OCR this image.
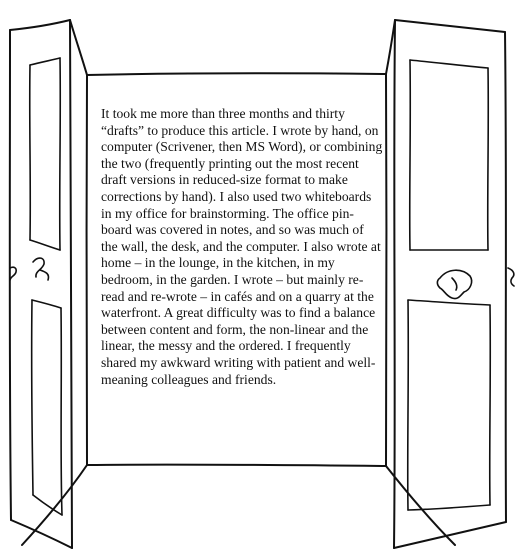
It took me more than three months and thirty “drafts” to produce this article. I wrote by hand, on computer (Scrivener, then MS Word), or combining the two (frequently printing out the most recent draft versions in reduced-size format to make corrections by hand). I also used two whiteboards in my office for brainstorming. The office pin-board was covered in notes, and so was much of the wall, the desk, and the computer. I also wrote at home – in the lounge, in the kitchen, in my bedroom, in the garden. I wrote – but mainly re-read and re-wrote – in cafés and on a quarry at the waterfront. A great difficulty was to find a balance between content and form, the non-linear and the linear, the messy and the ordered. I frequently shared my awkward writing with patient and well-meaning colleagues and friends.
